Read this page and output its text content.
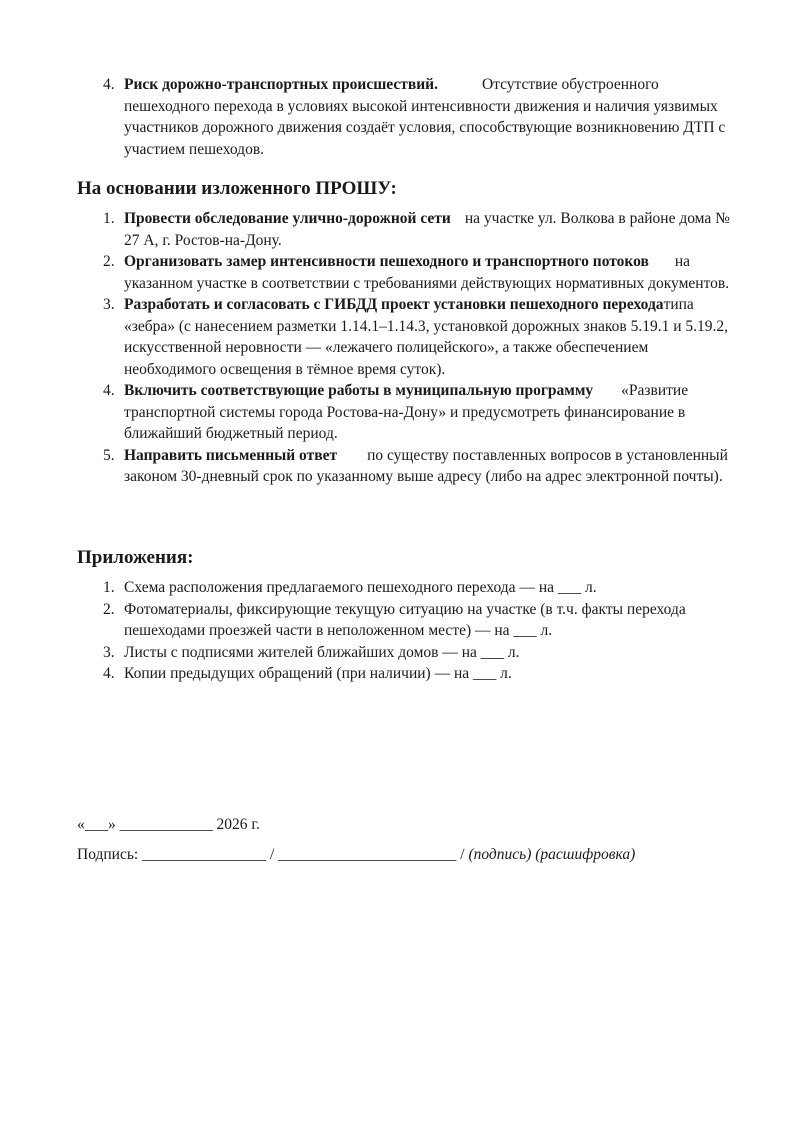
4. Риск дорожно-транспортных происшествий.	Отсутствие обустроенного пешеходного перехода в условиях высокой интенсивности движения и наличия уязвимых участников дорожного движения создаёт условия, способствующие возникновению ДТП с участием пешеходов.
На основании изложенного ПРОШУ:
1. Провести обследование улично-дорожной сети на участке ул. Волкова в районе дома № 27 А, г. Ростов-на-Дону.
2. Организовать замер интенсивности пешеходного и транспортного потоков на указанном участке в соответствии с требованиями действующих нормативных документов.
3. Разработать и согласовать с ГИБДД проект установки пешеходного переходатипа «зебра» (с нанесением разметки 1.14.1–1.14.3, установкой дорожных знаков 5.19.1 и 5.19.2, искусственной неровности — «лежачего полицейского», а также обеспечением необходимого освещения в тёмное время суток).
4. Включить соответствующие работы в муниципальную программу «Развитие транспортной системы города Ростова-на-Дону» и предусмотреть финансирование в ближайший бюджетный период.
5. Направить письменный ответ по существу поставленных вопросов в установленный законом 30-дневный срок по указанному выше адресу (либо на адрес электронной почты).
Приложения:
1. Схема расположения предлагаемого пешеходного перехода — на ___ л.
2. Фотоматериалы, фиксирующие текущую ситуацию на участке (в т.ч. факты перехода пешеходами проезжей части в неположенном месте) — на ___ л.
3. Листы с подписями жителей ближайших домов — на ___ л.
4. Копии предыдущих обращений (при наличии) — на ___ л.
«___» ____________ 2026 г.
Подпись: ________________ / _______________________ / (подпись) (расшифровка)
